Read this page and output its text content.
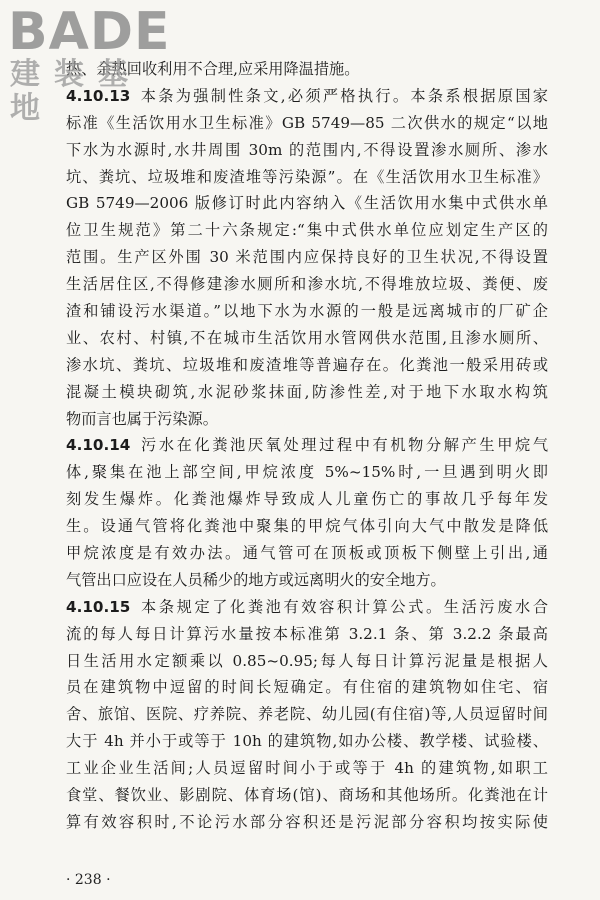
BADE
建装基地
热、余热回收利用不合理,应采用降温措施。
4.10.13 本条为强制性条文,必须严格执行。本条系根据原国家
标准《生活饮用水卫生标准》GB 5749—85 二次供水的规定“以地
下水为水源时,水井周围 30m 的范围内,不得设置渗水厕所、渗水
坑、粪坑、垃圾堆和废渣堆等污染源”。在《生活饮用水卫生标准》
GB 5749—2006 版修订时此内容纳入《生活饮用水集中式供水单
位卫生规范》第二十六条规定:“集中式供水单位应划定生产区的
范围。生产区外围 30 米范围内应保持良好的卫生状况,不得设置
生活居住区,不得修建渗水厕所和渗水坑,不得堆放垃圾、粪便、废
渣和铺设污水渠道。”以地下水为水源的一般是远离城市的厂矿企
业、农村、村镇,不在城市生活饮用水管网供水范围,且渗水厕所、
渗水坑、粪坑、垃圾堆和废渣堆等普遍存在。化粪池一般采用砖或
混凝土模块砌筑,水泥砂浆抹面,防渗性差,对于地下水取水构筑
物而言也属于污染源。
4.10.14 污水在化粪池厌氧处理过程中有机物分解产生甲烷气
体,聚集在池上部空间,甲烷浓度 5%~15%时,一旦遇到明火即
刻发生爆炸。化粪池爆炸导致成人儿童伤亡的事故几乎每年发
生。设通气管将化粪池中聚集的甲烷气体引向大气中散发是降低
甲烷浓度是有效办法。通气管可在顶板或顶板下侧壁上引出,通
气管出口应设在人员稀少的地方或远离明火的安全地方。
4.10.15 本条规定了化粪池有效容积计算公式。生活污废水合
流的每人每日计算污水量按本标准第 3.2.1 条、第 3.2.2 条最高
日生活用水定额乘以 0.85~0.95;每人每日计算污泥量是根据人
员在建筑物中逗留的时间长短确定。有住宿的建筑物如住宅、宿
舍、旅馆、医院、疗养院、养老院、幼儿园(有住宿)等,人员逗留时间
大于 4h 并小于或等于 10h 的建筑物,如办公楼、教学楼、试验楼、
工业企业生活间;人员逗留时间小于或等于 4h 的建筑物,如职工
食堂、餐饮业、影剧院、体育场(馆)、商场和其他场所。化粪池在计
算有效容积时,不论污水部分容积还是污泥部分容积均按实际使
· 238 ·
